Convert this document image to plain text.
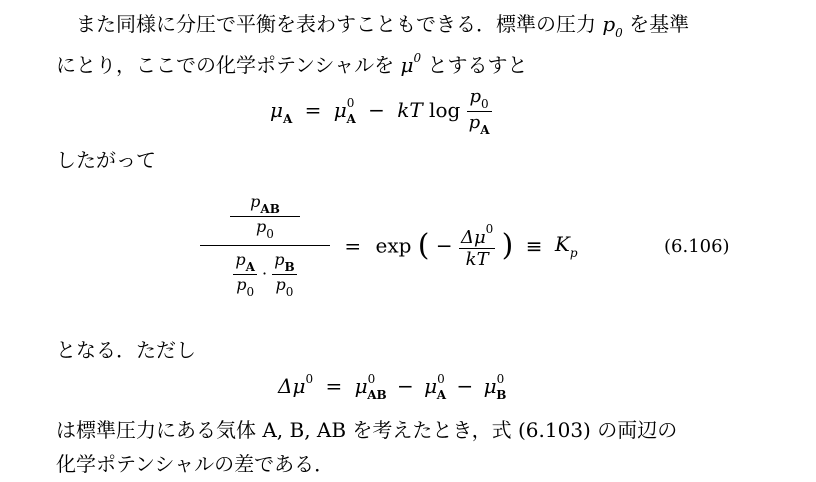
　また同様に分圧で平衡を表わすこともできる．標準の圧力 $p_0$ を基準
にとり，ここでの化学ポテンシャルを $\mu^0$ とするすと
$\mu_A = \mu^0_A$ − kT $\log \frac{p_0}{p_A}$
したがって
$\frac{p_{AB}}{p_0}$
$\frac{p_A}{p_0} \cdot \frac{p_B}{p_0}$
= exp ( − $\frac{\Delta\mu^0}{kT}$ ) ≡ $K_p$	(6.106)
となる．ただし
$\Delta\mu^0 = \mu^0_{AB} - \mu^0_A - \mu^0_B$
は標準圧力にある気体 A, B, AB を考えたとき，式 (6.103) の両辺の
化学ポテンシャルの差である．
